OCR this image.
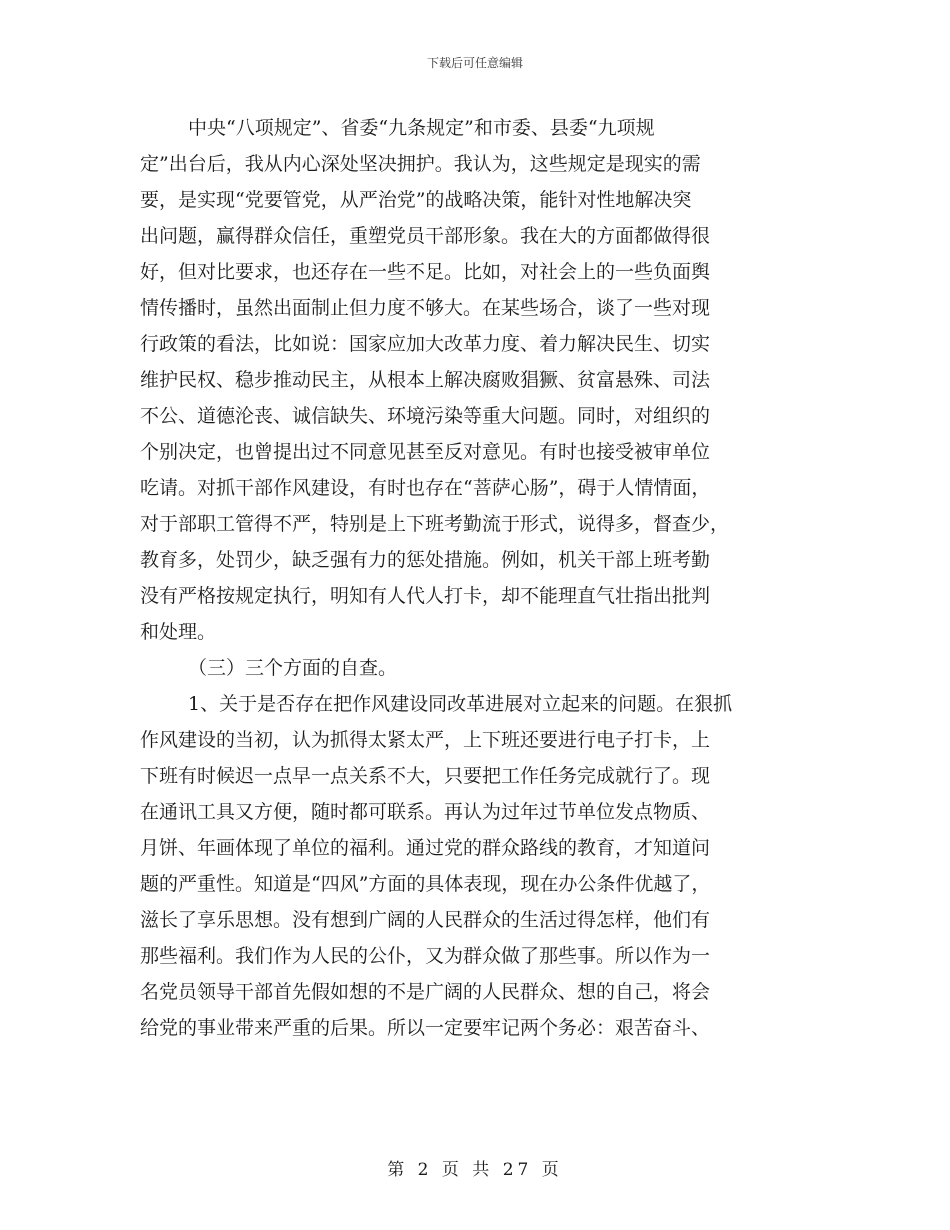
下载后可任意编辑
中央“八项规定”、省委“九条规定”和市委、县委“九项规
定”出台后，我从内心深处坚决拥护。我认为，这些规定是现实的需
要，是实现“党要管党，从严治党”的战略决策，能针对性地解决突
出问题，赢得群众信任，重塑党员干部形象。我在大的方面都做得很
好，但对比要求，也还存在一些不足。比如，对社会上的一些负面舆
情传播时，虽然出面制止但力度不够大。在某些场合，谈了一些对现
行政策的看法，比如说：国家应加大改革力度、着力解决民生、切实
维护民权、稳步推动民主，从根本上解决腐败猖獗、贫富悬殊、司法
不公、道德沦丧、诚信缺失、环境污染等重大问题。同时，对组织的
个别决定，也曾提出过不同意见甚至反对意见。有时也接受被审单位
吃请。对抓干部作风建设，有时也存在“菩萨心肠”，碍于人情情面，
对于部职工管得不严，特别是上下班考勤流于形式，说得多，督查少，
教育多，处罚少，缺乏强有力的惩处措施。例如，机关干部上班考勤
没有严格按规定执行，明知有人代人打卡，却不能理直气壮指出批判
和处理。
（三）三个方面的自查。
1、关于是否存在把作风建设同改革进展对立起来的问题。在狠抓
作风建设的当初，认为抓得太紧太严，上下班还要进行电子打卡，上
下班有时候迟一点早一点关系不大，只要把工作任务完成就行了。现
在通讯工具又方便，随时都可联系。再认为过年过节单位发点物质、
月饼、年画体现了单位的福利。通过党的群众路线的教育，才知道问
题的严重性。知道是“四风”方面的具体表现，现在办公条件优越了，
滋长了享乐思想。没有想到广阔的人民群众的生活过得怎样，他们有
那些福利。我们作为人民的公仆，又为群众做了那些事。所以作为一
名党员领导干部首先假如想的不是广阔的人民群众、想的自己，将会
给党的事业带来严重的后果。所以一定要牢记两个务必：艰苦奋斗、
第 2 页 共 27 页
